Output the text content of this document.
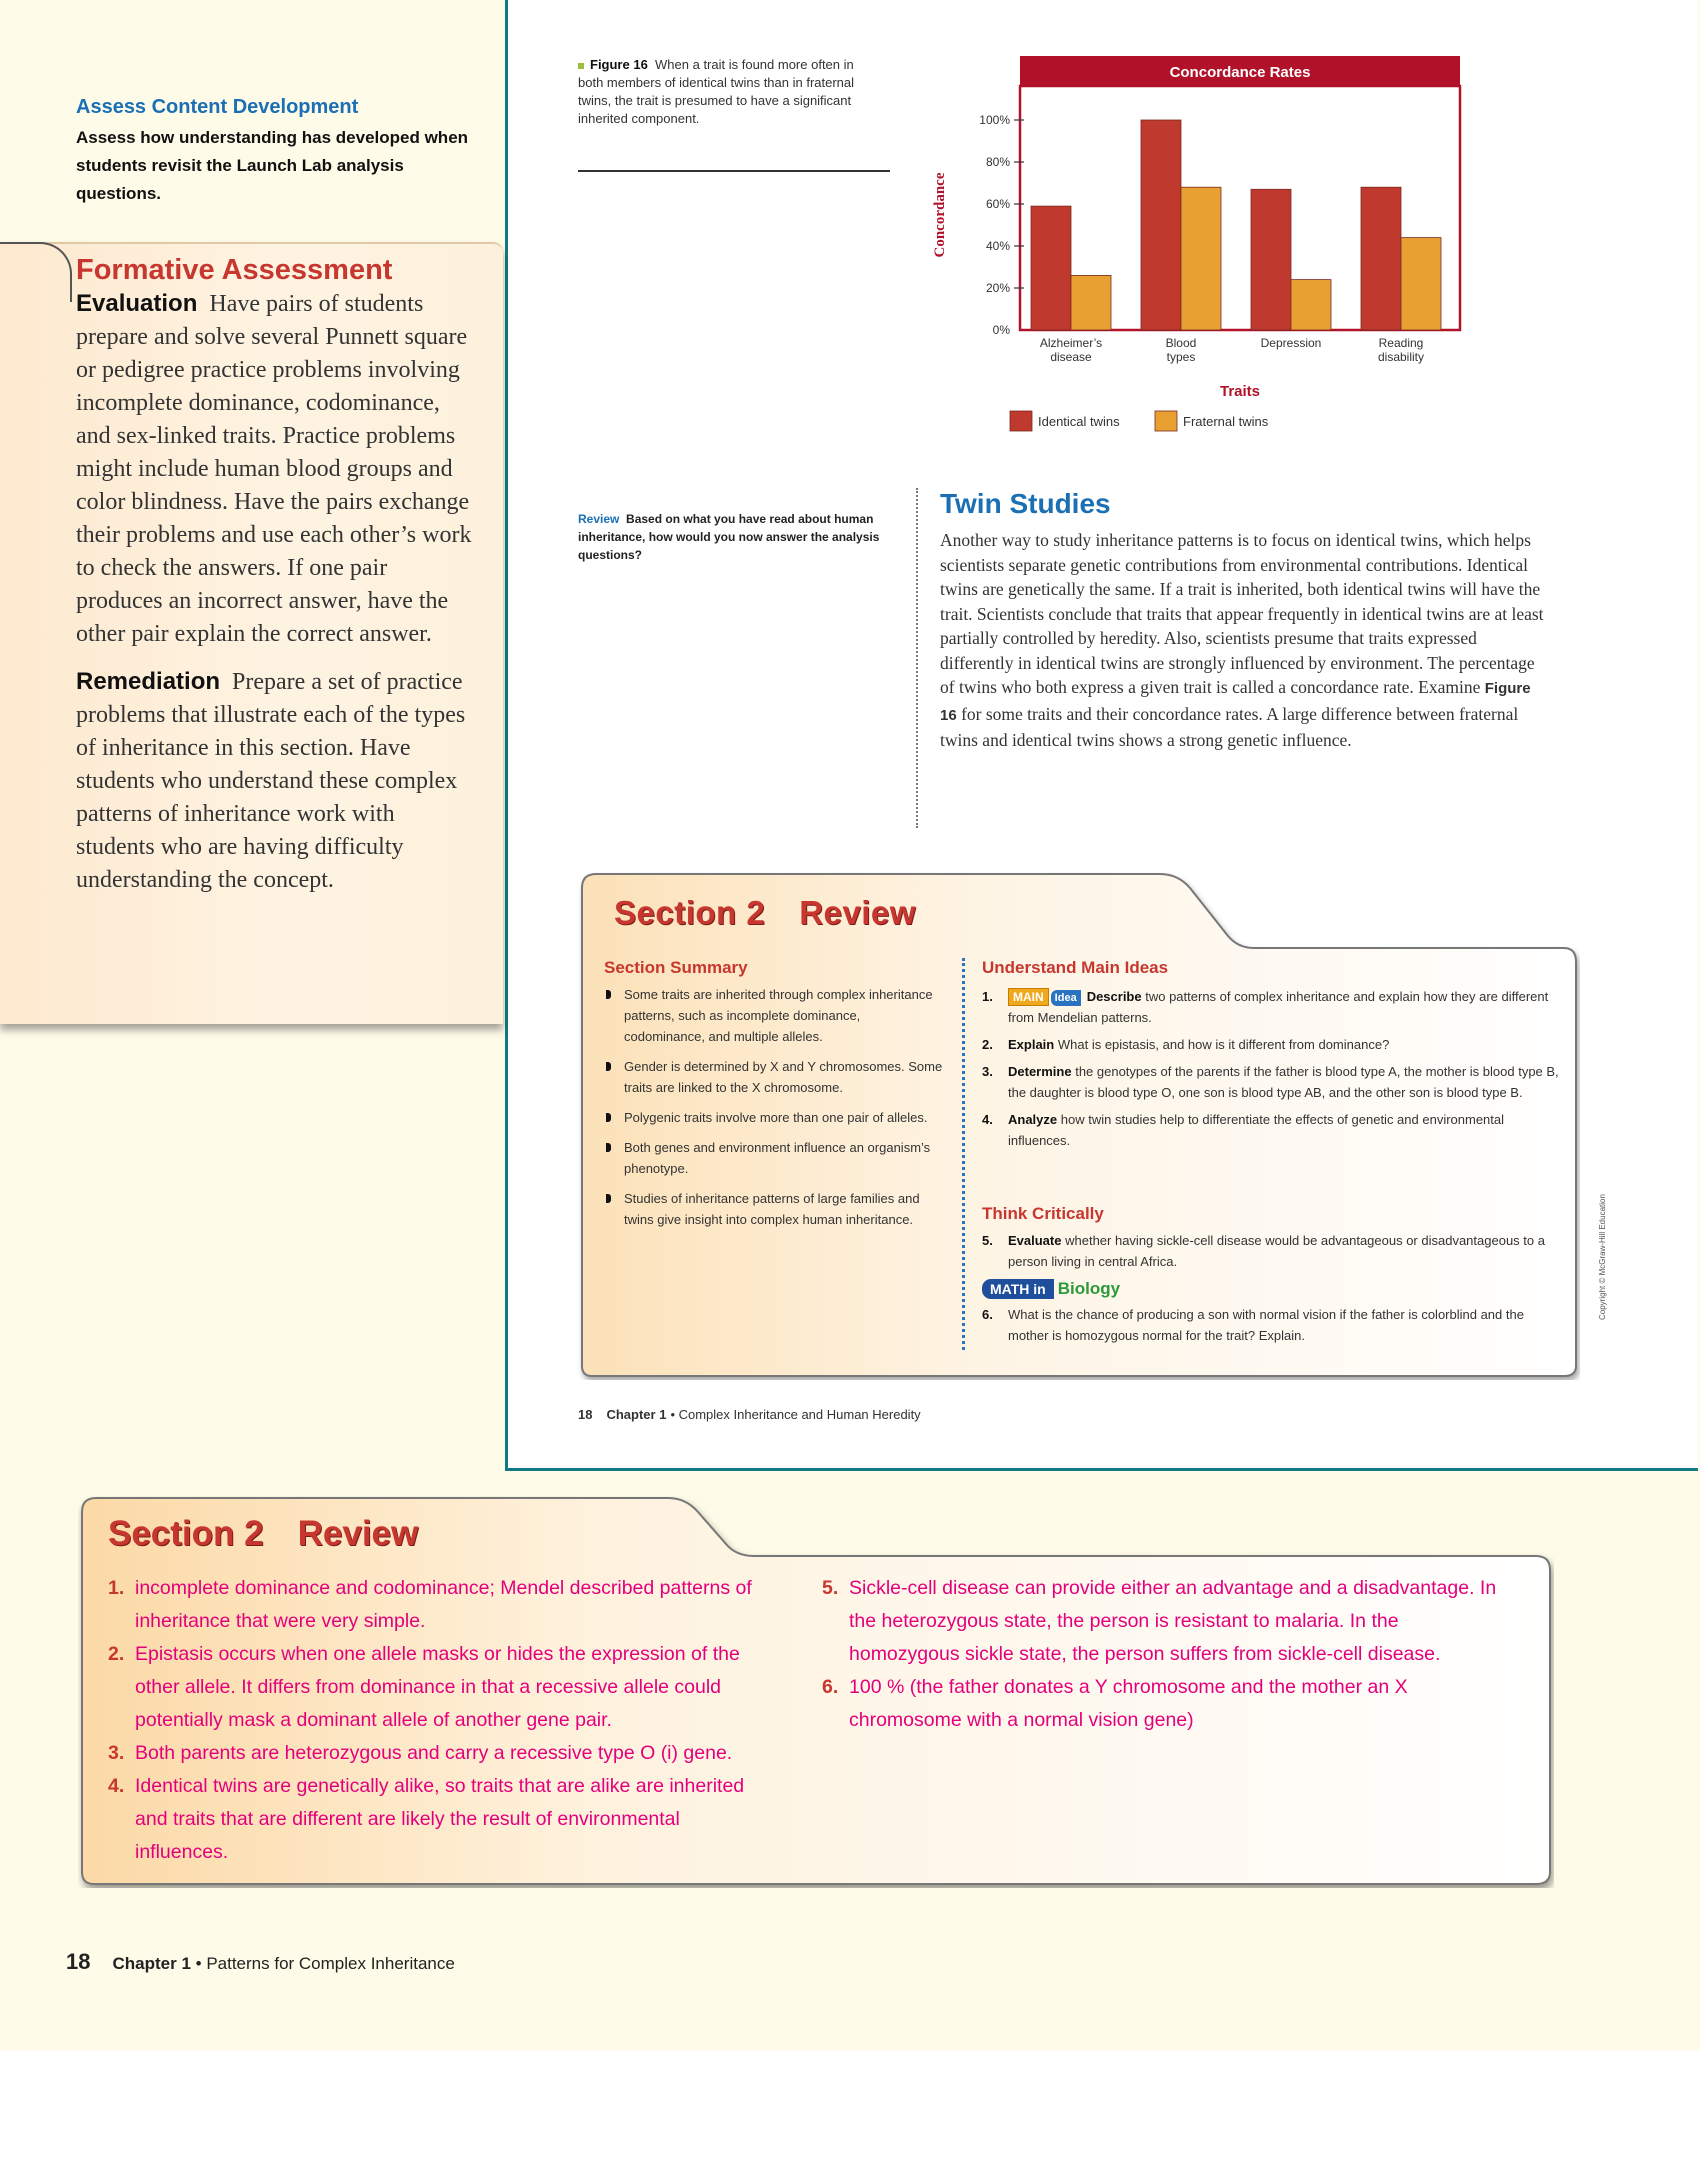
Assess Content Development
Assess how understanding has developed when students revisit the Launch Lab analysis questions.
Formative Assessment

Evaluation Have pairs of students prepare and solve several Punnett square or pedigree practice problems involving incomplete dominance, codominance, and sex-linked traits. Practice problems might include human blood groups and color blindness. Have the pairs exchange their problems and use each other’s work to check the answers. If one pair produces an incorrect answer, have the other pair explain the correct answer.

Remediation Prepare a set of practice problems that illustrate each of the types of inheritance in this section. Have students who understand these complex patterns of inheritance work with students who are having difficulty understanding the concept.

Figure 16 When a trait is found more often in both members of identical twins than in fraternal twins, the trait is presumed to have a significant inherited component.
Concordance Rates
0%
20%
40%
60%
80%
100%
Alzheimer’s
disease
Blood
types
Depression	Reading
disability
Concordance
Traits
Identical twins	Fraternal twins
Review Based on what you have read about human inheritance, how would you now answer the analysis questions?
Twin Studies
Another way to study inheritance patterns is to focus on identical twins, which helps scientists separate genetic contributions from environmental contributions. Identical twins are genetically the same. If a trait is inherited, both identical twins will have the trait. Scientists conclude that traits that appear frequently in identical twins are at least partially controlled by heredity. Also, scientists presume that traits expressed differently in identical twins are strongly influenced by environment. The percentage of twins who both express a given trait is called a concordance rate. Examine Figure 16 for some traits and their concordance rates. A large difference between fraternal twins and identical twins shows a strong genetic influence.
Section 2 Review
Section Summary
Some traits are inherited through complex inheritance patterns, such as incomplete dominance, codominance, and multiple alleles.
Gender is determined by X and Y chromosomes. Some traits are linked to the X chromosome.
Polygenic traits involve more than one pair of alleles.
Both genes and environment influence an organism’s phenotype.
Studies of inheritance patterns of large families and twins give insight into complex human inheritance.
Understand Main Ideas
1. MAIN Idea Describe two patterns of complex inheritance and explain how they are different from Mendelian patterns.
2. Explain What is epistasis, and how is it different from dominance?
3. Determine the genotypes of the parents if the father is blood type A, the mother is blood type B, the daughter is blood type O, one son is blood type AB, and the other son is blood type B.
4. Analyze how twin studies help to differentiate the effects of genetic and environmental influences.
Think Critically
5. Evaluate whether having sickle-cell disease would be advantageous or disadvantageous to a person living in central Africa.
MATH in Biology
6. What is the chance of producing a son with normal vision if the father is colorblind and the mother is homozygous normal for the trait? Explain.
18 Chapter 1 • Complex Inheritance and Human Heredity
Copyright © McGraw-Hill Education
Section 2 Review
1. incomplete dominance and codominance; Mendel described patterns of inheritance that were very simple.
2. Epistasis occurs when one allele masks or hides the expression of the other allele. It differs from dominance in that a recessive allele could potentially mask a dominant allele of another gene pair.
3. Both parents are heterozygous and carry a recessive type O (i) gene.
4. Identical twins are genetically alike, so traits that are alike are inherited and traits that are different are likely the result of environmental influences.
5. Sickle-cell disease can provide either an advantage and a disadvantage. In the heterozygous state, the person is resistant to malaria. In the homozygous sickle state, the person suffers from sickle-cell disease.
6. 100 % (the father donates a Y chromosome and the mother an X chromosome with a normal vision gene)
18 Chapter 1 • Patterns for Complex Inheritance
